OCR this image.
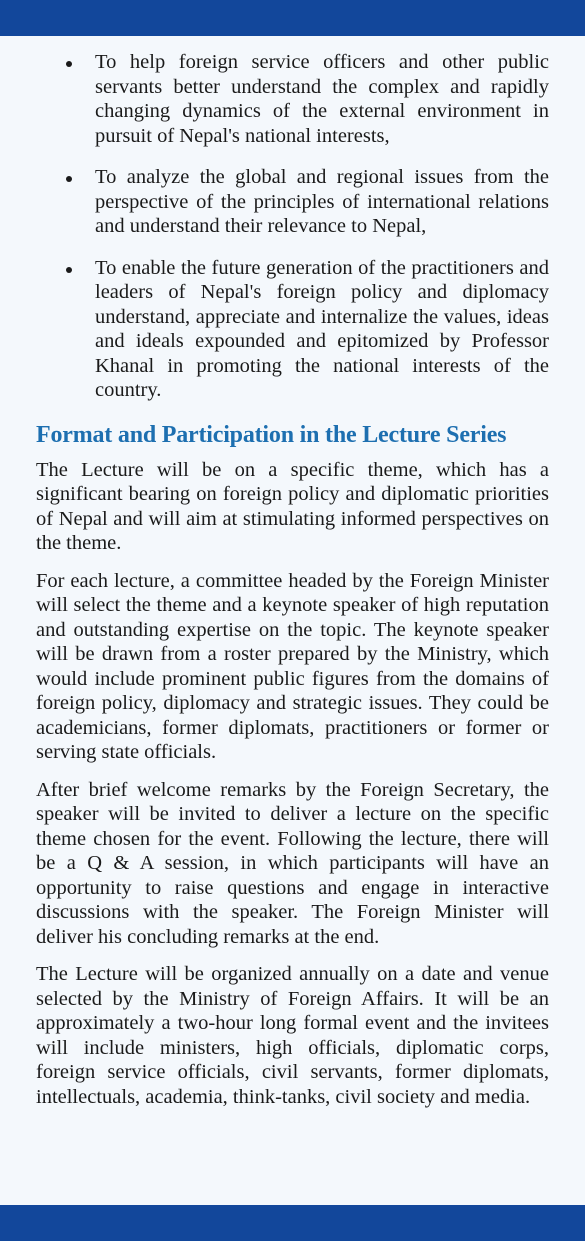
To help foreign service officers and other public servants better understand the complex and rapidly changing dynamics of the external environment in pursuit of Nepal's national interests,
To analyze the global and regional issues from the perspective of the principles of international relations and understand their relevance to Nepal,
To enable the future generation of the practitioners and leaders of Nepal's foreign policy and diplomacy understand, appreciate and internalize the values, ideas and ideals expounded and epitomized by Professor Khanal in promoting the national interests of the country.
Format and Participation in the Lecture Series

The Lecture will be on a specific theme, which has a significant bearing on foreign policy and diplomatic priorities of Nepal and will aim at stimulating informed perspectives on the theme.

For each lecture, a committee headed by the Foreign Minister will select the theme and a keynote speaker of high reputation and outstanding expertise on the topic. The keynote speaker will be drawn from a roster prepared by the Ministry, which would include prominent public figures from the domains of foreign policy, diplomacy and strategic issues. They could be academicians, former diplomats, practitioners or former or serving state officials.

After brief welcome remarks by the Foreign Secretary, the speaker will be invited to deliver a lecture on the specific theme chosen for the event. Following the lecture, there will be a Q & A session, in which participants will have an opportunity to raise questions and engage in interactive discussions with the speaker. The Foreign Minister will deliver his concluding remarks at the end.

The Lecture will be organized annually on a date and venue selected by the Ministry of Foreign Affairs. It will be an approximately a two-hour long formal event and the invitees will include ministers, high officials, diplomatic corps, foreign service officials, civil servants, former diplomats, intellectuals, academia, think-tanks, civil society and media.
